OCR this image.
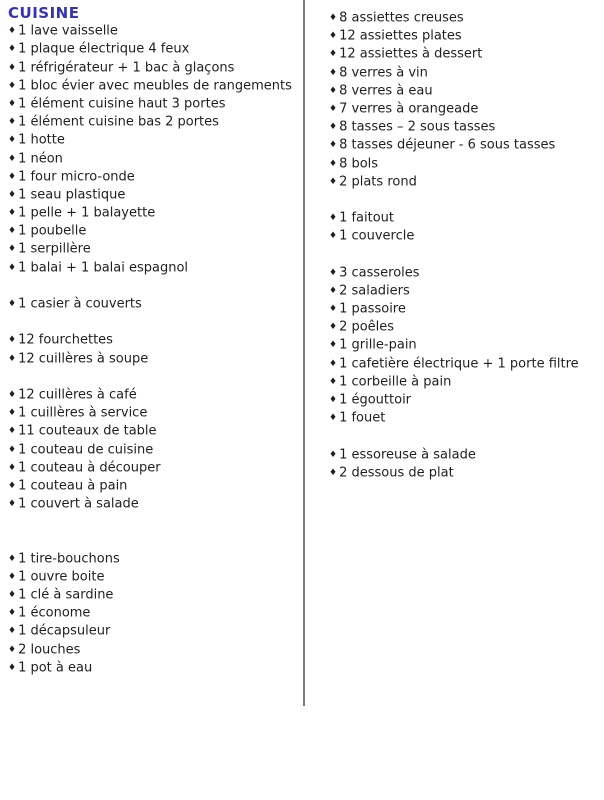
CUISINE
♦ 1 lave vaisselle
♦ 1 plaque électrique 4 feux
♦ 1 réfrigérateur + 1 bac à glaçons
♦ 1 bloc évier avec meubles de rangements
♦ 1 élément cuisine haut 3 portes
♦ 1 élément cuisine bas 2 portes
♦ 1 hotte
♦ 1 néon
♦ 1 four micro-onde
♦ 1 seau plastique
♦ 1 pelle + 1 balayette
♦ 1 poubelle
♦ 1 serpillère
♦ 1 balai + 1 balai espagnol
♦ 1 casier à couverts
♦ 12 fourchettes
♦ 12 cuillères à soupe
♦ 12 cuillères à café
♦ 1 cuillères à service
♦ 11 couteaux de table
♦ 1 couteau de cuisine
♦ 1 couteau à découper
♦ 1 couteau à pain
♦ 1 couvert à salade
♦ 1 tire-bouchons
♦ 1 ouvre boite
♦ 1 clé à sardine
♦ 1 économe
♦ 1 décapsuleur
♦ 2 louches
♦ 1 pot à eau
♦ 8 assiettes creuses
♦ 12 assiettes plates
♦ 12 assiettes à dessert
♦ 8 verres à vin
♦ 8 verres à eau
♦ 7 verres à orangeade
♦ 8 tasses – 2 sous tasses
♦ 8 tasses déjeuner - 6 sous tasses
♦ 8 bols
♦ 2 plats rond
♦ 1 faitout
♦ 1 couvercle
♦ 3 casseroles
♦ 2 saladiers
♦ 1 passoire
♦ 2 poêles
♦ 1 grille-pain
♦ 1 cafetière électrique + 1 porte filtre
♦ 1 corbeille à pain
♦ 1 égouttoir
♦ 1 fouet
♦ 1 essoreuse à salade
♦ 2 dessous de plat
